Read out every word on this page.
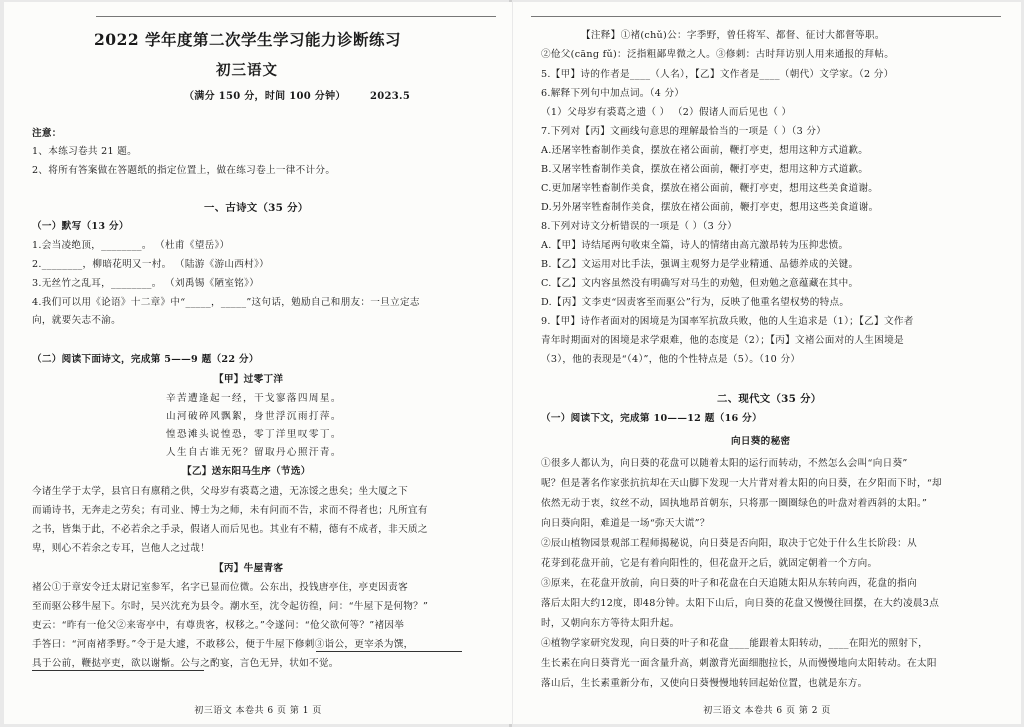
2022 学年度第二次学生学习能力诊断练习
初三语文
（满分 150 分，时间 100 分钟） 2023.5
注意：
1、本练习卷共 21 题。
2、将所有答案做在答题纸的指定位置上，做在练习卷上一律不计分。
一、古诗文（35 分）
（一）默写（13 分）
1.会当凌绝顶，________。 （杜甫《望岳》）
2.________，柳暗花明又一村。 （陆游《游山西村》）
3.无丝竹之乱耳，________。 （刘禹锡《陋室铭》）
4.我们可以用《论语》十二章》中“_____，_____”这句话，勉励自己和朋友：一旦立定志
向，就要矢志不渝。
（二）阅读下面诗文，完成第 5——9 题（22 分）
【甲】过零丁洋
辛苦遭逢起一经，干戈寥落四周星。
山河破碎风飘絮，身世浮沉雨打萍。
惶恐滩头说惶恐，零丁洋里叹零丁。
人生自古谁无死？留取丹心照汗青。
【乙】送东阳马生序（节选）
今诸生学于太学，县官日有廪稍之供，父母岁有裘葛之遗，无冻馁之患矣；坐大厦之下
而诵诗书，无奔走之劳矣；有司业、博士为之师，未有问而不告，求而不得者也；凡所宜有
之书，皆集于此，不必若余之手录，假诸人而后见也。其业有不精，德有不成者，非天质之
卑，则心不若余之专耳，岂他人之过哉！
【丙】牛屋青客
褚公①于章安令迁太尉记室参军，名字已显而位微。公东出，投钱唐亭住，亭吏因责客
至而驱公移牛屋下。尔时，吴兴沈充为县令。潮水至，沈令起彷徨，问：“牛屋下是何物？”
吏云：“昨有一伧父②来寄亭中，有尊贵客，权移之。”令遂问：“伧父欲何等？”褚因举
手答曰：“河南褚季野。”令于是大遽，不敢移公，便于牛屋下修刺③诣公，更宰杀为馔，
具于公前，鞭挞亭吏，欲以谢惭。公与之酌宴，言色无异，状如不觉。
初三语文 本卷共 6 页 第 1 页
【注释】①褚(chǔ)公：字季野，曾任将军、都督、征讨大都督等职。
②伧父(cāng fǔ)：泛指粗鄙卑微之人。③修刺：古时拜访别人用来通报的拜帖。
5.【甲】诗的作者是____（人名），【乙】文作者是____（朝代）文学家。（2 分）
6.解释下列句中加点词。（4 分）
（1）父母岁有裘葛之遗（ ） （2）假诸人而后见也（ ）
7.下列对【丙】文画线句意思的理解最恰当的一项是（ ）（3 分）
A.还屠宰牲畜制作美食，摆放在褚公面前，鞭打亭吏，想用这种方式道歉。
B.又屠宰牲畜制作美食，摆放在褚公面前，鞭打亭吏，想用这种方式道歉。
C.更加屠宰牲畜制作美食，摆放在褚公面前，鞭打亭吏，想用这些美食道谢。
D.另外屠宰牲畜制作美食，摆放在褚公面前，鞭打亭吏，想用这些美食道谢。
8.下列对诗文分析错误的一项是（ ）（3 分）
A.【甲】诗结尾两句收束全篇，诗人的情绪由高亢激昂转为压抑悲愤。
B.【乙】文运用对比手法，强调主观努力是学业精通、品德养成的关键。
C.【乙】文内容虽然没有明确写对马生的劝勉，但劝勉之意蕴藏在其中。
D.【丙】文李吏“因责客至而驱公”行为，反映了他重名望权势的特点。
9.【甲】诗作者面对的困境是为国率军抗敌兵败，他的人生追求是（1）；【乙】文作者
青年时期面对的困境是求学艰难，他的态度是（2）；【丙】文褚公面对的人生困境是
（3），他的表现是“（4）”，他的个性特点是（5）。（10 分）
二、现代文（35 分）
（一）阅读下文，完成第 10——12 题（16 分）
向日葵的秘密
①很多人都认为，向日葵的花盘可以随着太阳的运行而转动，不然怎么会叫“向日葵”
呢？但是著名作家张抗抗却在天山脚下发现一大片背对着太阳的向日葵，在夕阳而下时，“却
依然无动于衷，纹丝不动，固执地昂首朝东，只将那一圈圈绿色的叶盘对着西斜的太阳。”
向日葵向阳，难道是一场“弥天大谎”？
②辰山植物园景观部工程师揭秘说，向日葵是否向阳，取决于它处于什么生长阶段：从
花芽到花盘开前，它是有着向阳性的，但花盘开之后，就固定朝着一个方向。
③原来，在花盘开放前，向日葵的叶子和花盘在白天追随太阳从东转向西，花盘的指向
落后太阳大约12度，即48分钟。太阳下山后，向日葵的花盘又慢慢往回摆，在大约凌晨3点
时，又朝向东方等待太阳升起。
④植物学家研究发现，向日葵的叶子和花盘____能跟着太阳转动，____在阳光的照射下，
生长素在向日葵背光一面含量升高，刺激背光面细胞拉长，从而慢慢地向太阳转动。在太阳
落山后，生长素重新分布，又使向日葵慢慢地转回起始位置，也就是东方。
初三语文 本卷共 6 页 第 2 页
